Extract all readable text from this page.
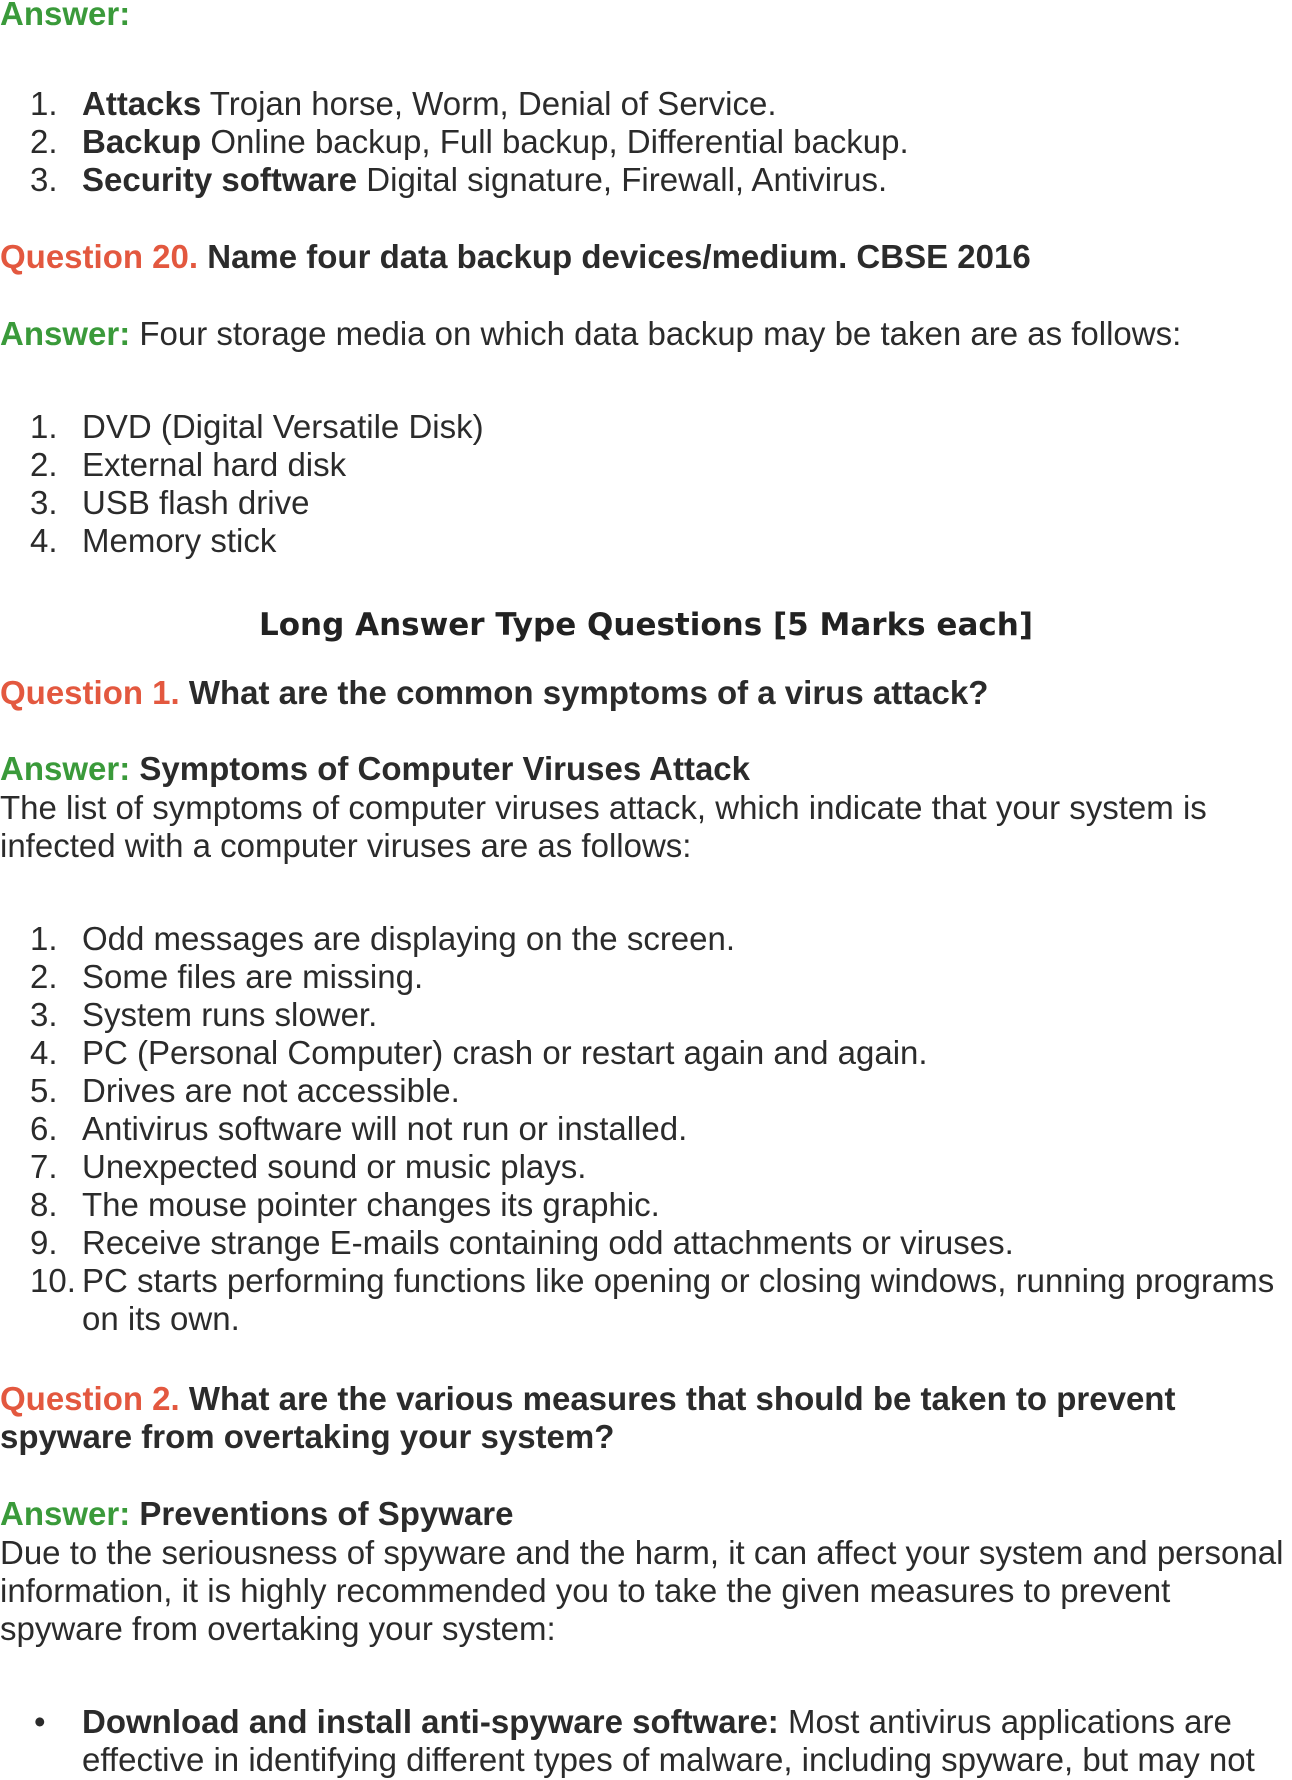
Answer:
1. Attacks Trojan horse, Worm, Denial of Service.
2. Backup Online backup, Full backup, Differential backup.
3. Security software Digital signature, Firewall, Antivirus.
Question 20. Name four data backup devices/medium. CBSE 2016
Answer: Four storage media on which data backup may be taken are as follows:
1. DVD (Digital Versatile Disk)
2. External hard disk
3. USB flash drive
4. Memory stick
Long Answer Type Questions [5 Marks each]
Question 1. What are the common symptoms of a virus attack?
Answer: Symptoms of Computer Viruses Attack
The list of symptoms of computer viruses attack, which indicate that your system is
infected with a computer viruses are as follows:
1. Odd messages are displaying on the screen.
2. Some files are missing.
3. System runs slower.
4. PC (Personal Computer) crash or restart again and again.
5. Drives are not accessible.
6. Antivirus software will not run or installed.
7. Unexpected sound or music plays.
8. The mouse pointer changes its graphic.
9. Receive strange E-mails containing odd attachments or viruses.
10. PC starts performing functions like opening or closing windows, running programs
on its own.
Question 2. What are the various measures that should be taken to prevent
spyware from overtaking your system?
Answer: Preventions of Spyware
Due to the seriousness of spyware and the harm, it can affect your system and personal
information, it is highly recommended you to take the given measures to prevent
spyware from overtaking your system:
• Download and install anti-spyware software: Most antivirus applications are
effective in identifying different types of malware, including spyware, but may not
